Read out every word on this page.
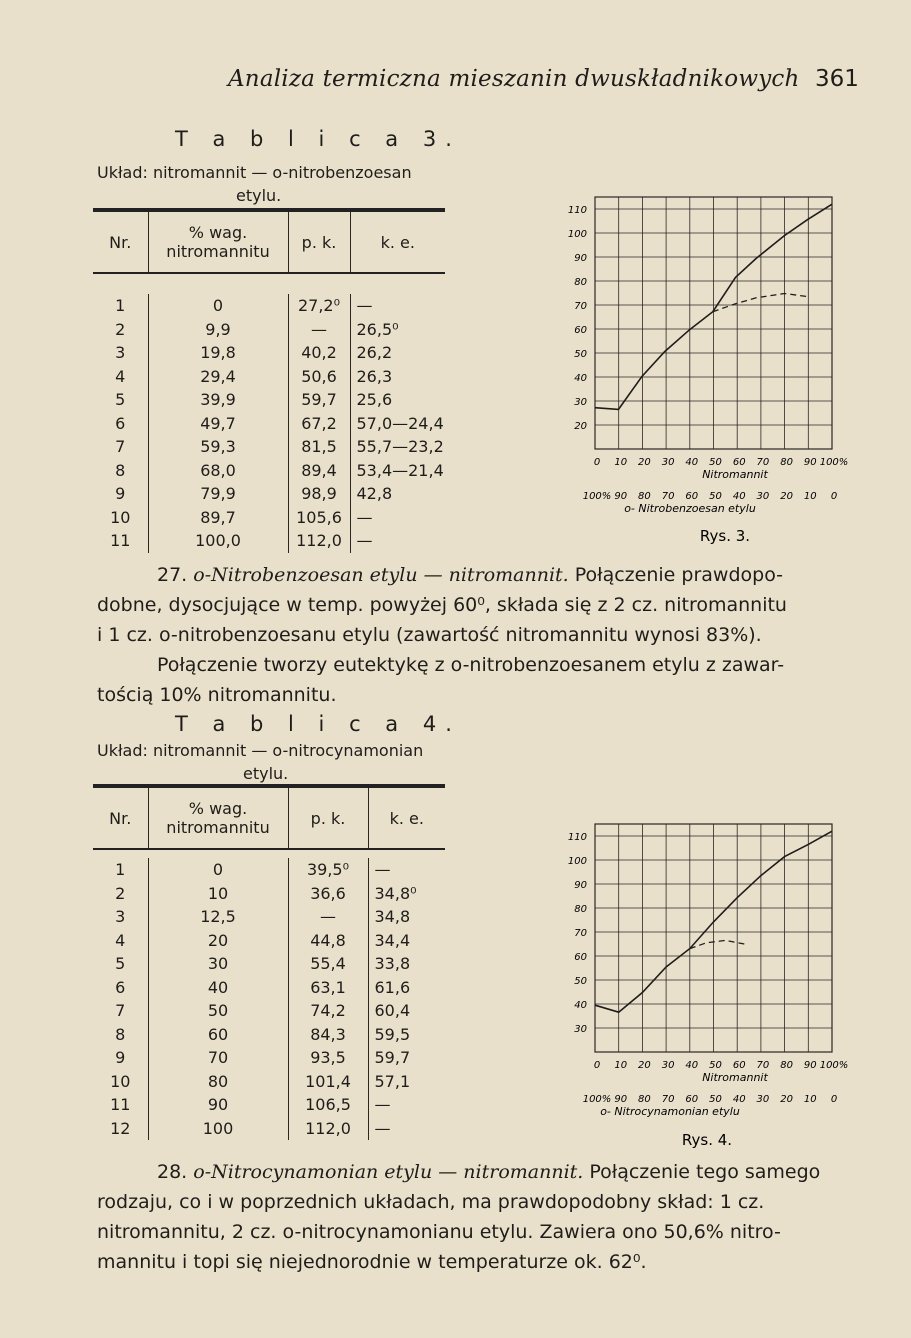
Analiza termiczna mieszanin dwuskładnikowych 361
T a b l i c a 3.
Układ: nitromannit — o-nitrobenzoesan
etylu.
Nr.	% wag.
nitromannitu	p. k.	k. e.

1	0	27,2⁰	—
2	9,9	—	26,5⁰
3	19,8	40,2	26,2
4	29,4	50,6	26,3
5	39,9	59,7	25,6
6	49,7	67,2	57,0—24,4
7	59,3	81,5	55,7—23,2
8	68,0	89,4	53,4—21,4
9	79,9	98,9	42,8
10	89,7	105,6	—
11	100,0	112,0	—
110
100
90
80
70
60
50
40
30
20
0 10 20 30 40 50 60 70 80 90 100%
100% 90 80 70 60 50 40 30 20 10 0
Nitromannit
o- Nitrobenzoesan etylu
Rys. 3.
27. o-Nitrobenzoesan etylu — nitromannit. Połączenie prawdopo-
dobne, dysocjujące w temp. powyżej 60⁰, składa się z 2 cz. nitromannitu
i 1 cz. o-nitrobenzoesanu etylu (zawartość nitromannitu wynosi 83%).
Połączenie tworzy eutektykę z o-nitrobenzoesanem etylu z zawar-
tością 10% nitromannitu.
T a b l i c a 4.
Układ: nitromannit — o-nitrocynamonian
etylu.
Nr.	% wag.
nitromannitu	p. k.	k. e.

1	0	39,5⁰	—
2	10	36,6	34,8⁰
3	12,5	—	34,8
4	20	44,8	34,4
5	30	55,4	33,8
6	40	63,1	61,6
7	50	74,2	60,4
8	60	84,3	59,5
9	70	93,5	59,7
10	80	101,4	57,1
11	90	106,5	—
12	100	112,0	—
110
100
90
80
70
60
50
40
30
0 10 20 30 40 50 60 70 80 90 100%
100% 90 80 70 60 50 40 30 20 10 0
Nitromannit
o- Nitrocynamonian etylu
Rys. 4.
28. o-Nitrocynamonian etylu — nitromannit. Połączenie tego samego
rodzaju, co i w poprzednich układach, ma prawdopodobny skład: 1 cz.
nitromannitu, 2 cz. o-nitrocynamonianu etylu. Zawiera ono 50,6% nitro-
mannitu i topi się niejednorodnie w temperaturze ok. 62⁰.
